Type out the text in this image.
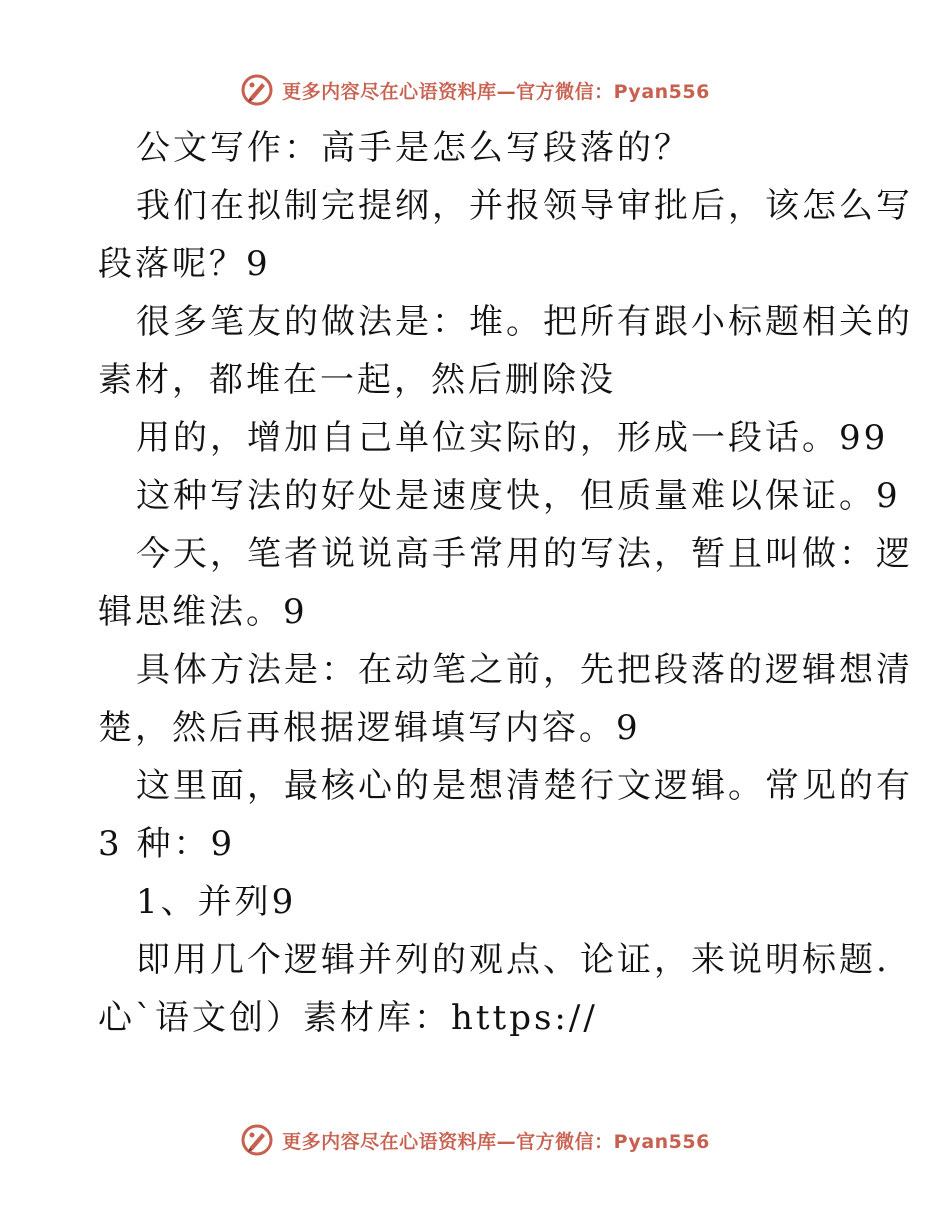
更多内容尽在心语资料库—官方微信：Pyan556
公文写作：高手是怎么写段落的？
我们在拟制完提纲，并报领导审批后，该怎么写
段落呢？9
很多笔友的做法是：堆。把所有跟小标题相关的
素材，都堆在一起，然后删除没
用的，增加自己单位实际的，形成一段话。99
这种写法的好处是速度快，但质量难以保证。9
今天，笔者说说高手常用的写法，暂且叫做：逻
辑思维法。9
具体方法是：在动笔之前，先把段落的逻辑想清
楚，然后再根据逻辑填写内容。9
这里面，最核心的是想清楚行文逻辑。常见的有
3 种：9
1、并列9
即用几个逻辑并列的观点、论证，来说明标题.
心`语文创）素材库：https://
更多内容尽在心语资料库—官方微信：Pyan556
